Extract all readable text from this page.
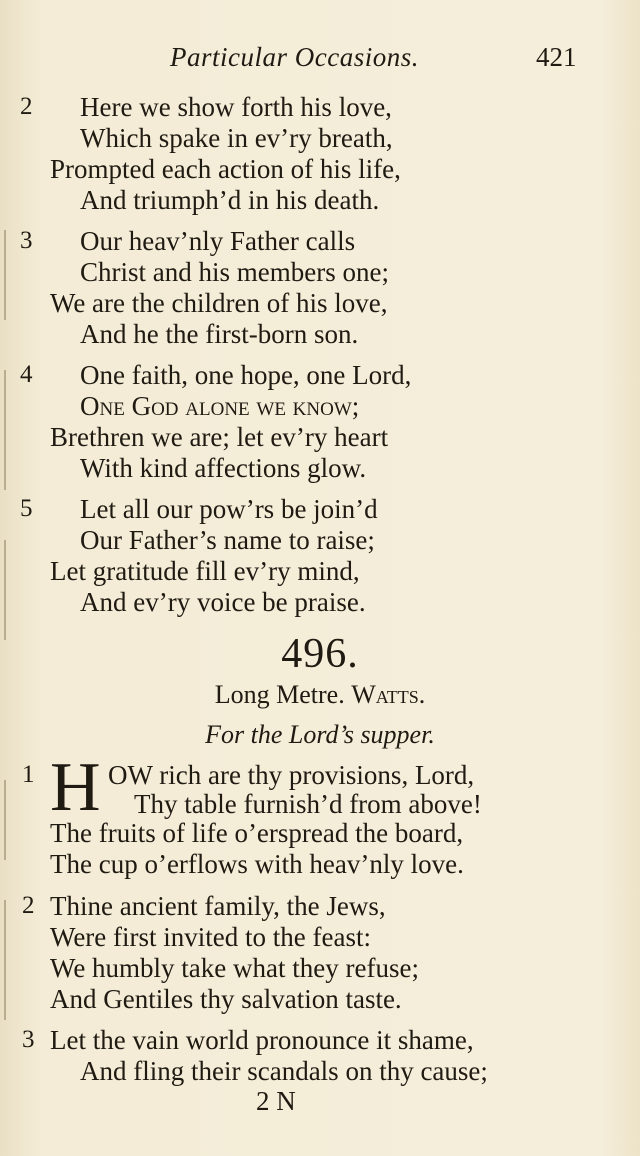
Particular Occasions.	421
2 Here we show forth his love,
Which spake in ev’ry breath,
Prompted each action of his life,
And triumph’d in his death.
3 Our heav’nly Father calls
Christ and his members one;
We are the children of his love,
And he the first-born son.
4 One faith, one hope, one Lord,
One God alone we know;
Brethren we are; let ev’ry heart
With kind affections glow.
5 Let all our pow’rs be join’d
Our Father’s name to raise;
Let gratitude fill ev’ry mind,
And ev’ry voice be praise.
496.
Long Metre. Watts.
For the Lord’s supper.
1 H OW rich are thy provisions, Lord,
Thy table furnish’d from above!
The fruits of life o’erspread the board,
The cup o’erflows with heav’nly love.
2 Thine ancient family, the Jews,
Were first invited to the feast:
We humbly take what they refuse;
And Gentiles thy salvation taste.
3 Let the vain world pronounce it shame,
And fling their scandals on thy cause;
2 N
